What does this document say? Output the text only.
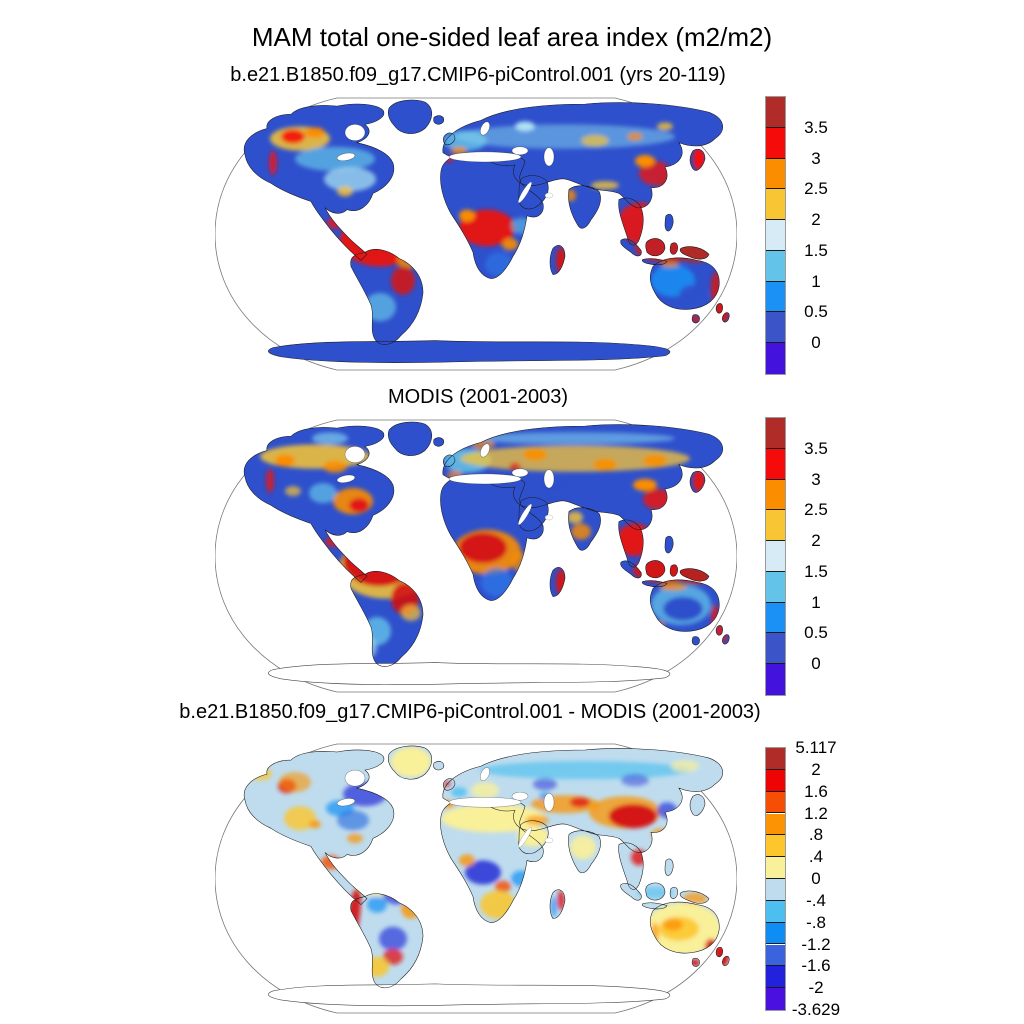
MAM total one-sided leaf area index (m2/m2)
b.e21.B1850.f09_g17.CMIP6-piControl.001 (yrs 20-119)
MODIS (2001-2003)
b.e21.B1850.f09_g17.CMIP6-piControl.001 - MODIS (2001-2003)
3.5
3
2.5
2
1.5
1
0.5
0
3.5
3
2.5
2
1.5
1
0.5
0
5.117
2
1.6
1.2
.8
.4
0
-.4
-.8
-1.2
-1.6
-2
-3.629
